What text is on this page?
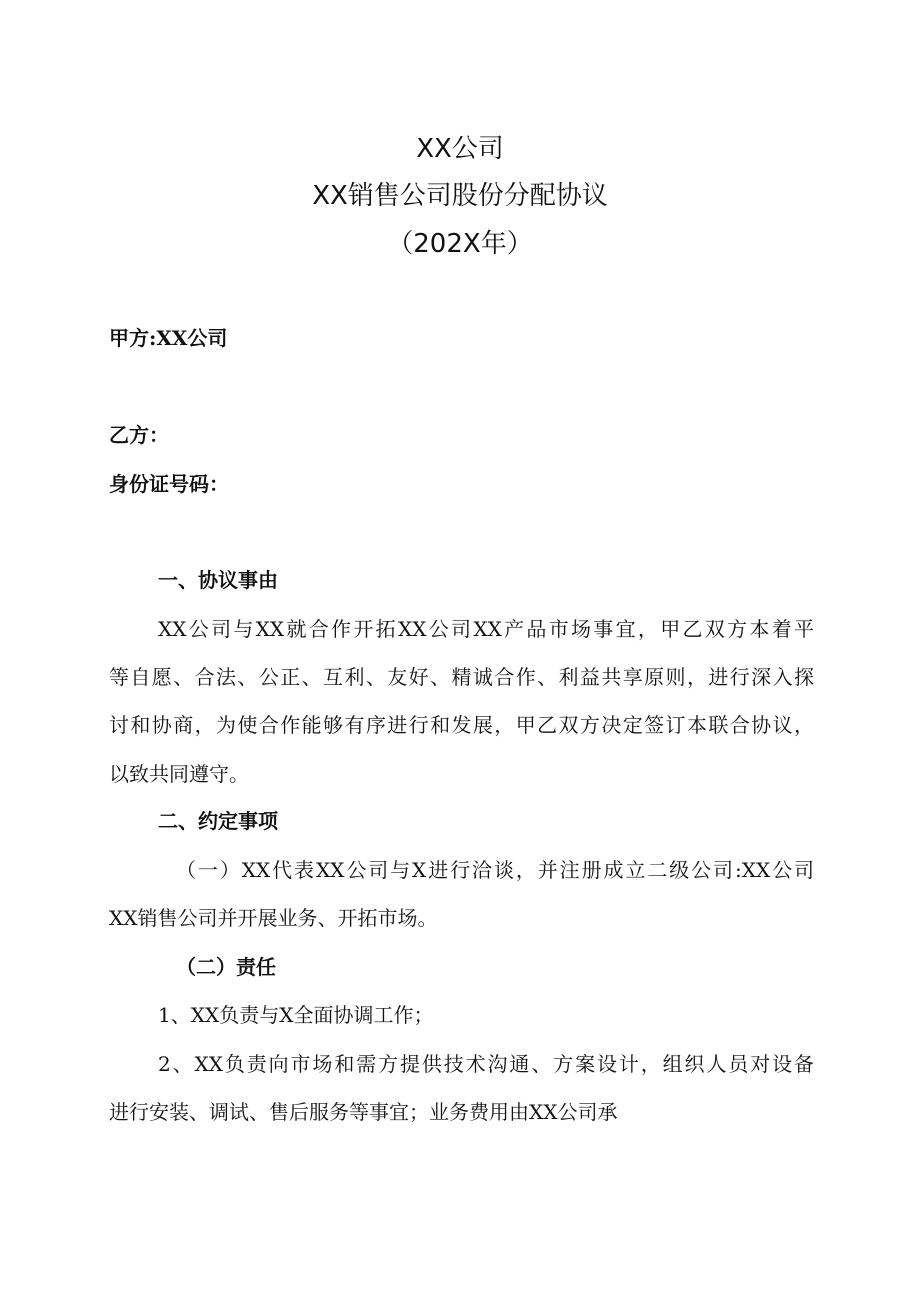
XX公司
XX销售公司股份分配协议
（202X年）
甲方:XX公司
乙方：
身份证号码：
一、协议事由
XX公司与XX就合作开拓XX公司XX产品市场事宜，甲乙双方本着平
等自愿、合法、公正、互利、友好、精诚合作、利益共享原则，进行深入探
讨和协商，为使合作能够有序进行和发展，甲乙双方决定签订本联合协议，
以致共同遵守。
二、约定事项
（一）XX代表XX公司与X进行洽谈，并注册成立二级公司:XX公司
XX销售公司并开展业务、开拓市场。
（二）责任
1、XX负责与X全面协调工作；
2、XX负责向市场和需方提供技术沟通、方案设计，组织人员对设备
进行安装、调试、售后服务等事宜；业务费用由XX公司承
